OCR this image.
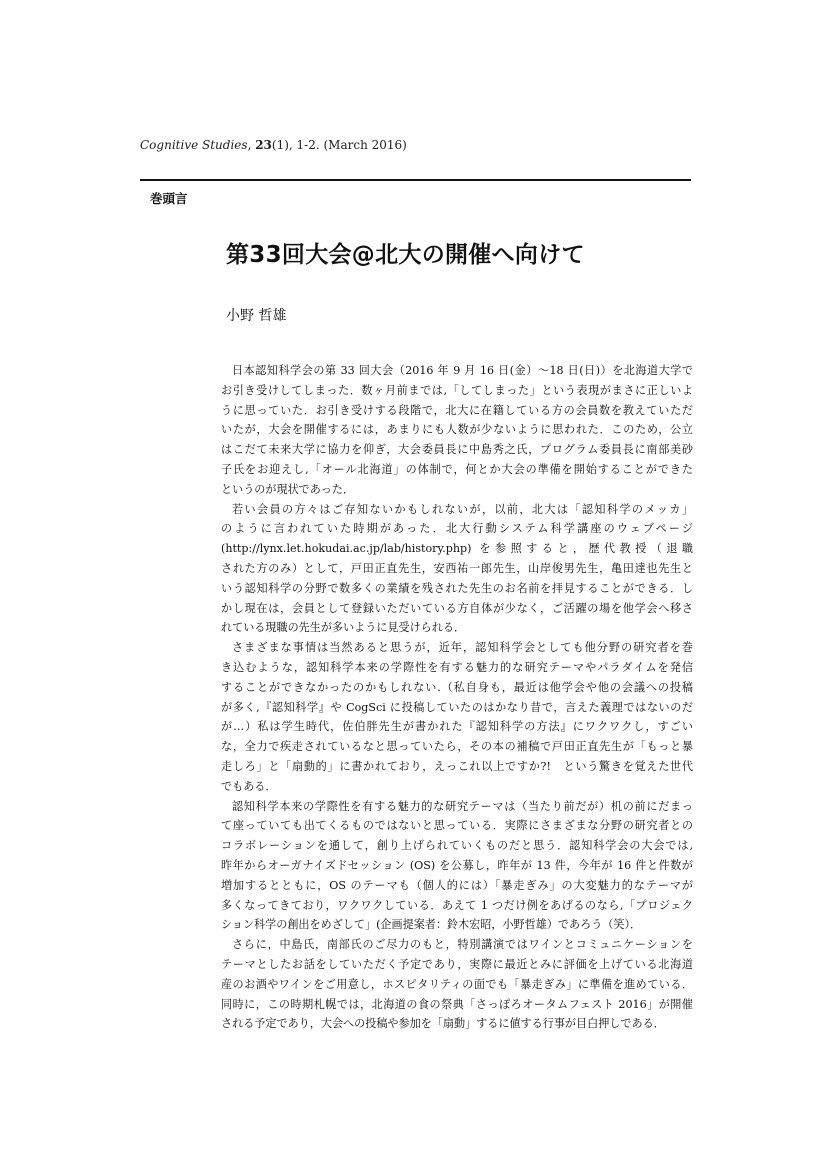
Cognitive Studies, 23(1), 1-2. (March 2016)
巻頭言
第33回大会@北大の開催へ向けて
小野 哲雄
日本認知科学会の第 33 回大会（2016 年 9 月 16 日(金）～18 日(日)）を北海道大学で
お引き受けしてしまった．数ヶ月前までは,「してしまった」という表現がまさに正しいよ
うに思っていた．お引き受けする段階で，北大に在籍している方の会員数を教えていただ
いたが，大会を開催するには，あまりにも人数が少ないように思われた．このため，公立
はこだて未来大学に協力を仰ぎ，大会委員長に中島秀之氏，プログラム委員長に南部美砂
子氏をお迎えし,「オール北海道」の体制で，何とか大会の準備を開始することができた
というのが現状であった．
若い会員の方々はご存知ないかもしれないが，以前，北大は「認知科学のメッカ」
のように言われていた時期があった．北大行動システム科学講座のウェブページ
(http://lynx.let.hokudai.ac.jp/lab/history.php) を参照すると，歴代教授（退職
された方のみ）として，戸田正直先生，安西祐一郎先生，山岸俊男先生，亀田達也先生と
いう認知科学の分野で数多くの業績を残された先生のお名前を拝見することができる．し
かし現在は，会員として登録いただいている方自体が少なく，ご活躍の場を他学会へ移さ
れている現職の先生が多いように見受けられる．
さまざまな事情は当然あると思うが，近年，認知科学会としても他分野の研究者を巻
き込むような，認知科学本来の学際性を有する魅力的な研究テーマやパラダイムを発信
することができなかったのかもしれない.（私自身も，最近は他学会や他の会議への投稿
が多く,『認知科学』や CogSci に投稿していたのはかなり昔で，言えた義理ではないのだ
が…）私は学生時代，佐伯胖先生が書かれた『認知科学の方法』にワクワクし，すごい
な，全力で疾走されているなと思っていたら，その本の補稿で戸田正直先生が「もっと暴
走しろ」と「扇動的」に書かれており，えっこれ以上ですか?!　という驚きを覚えた世代
でもある．
認知科学本来の学際性を有する魅力的な研究テーマは（当たり前だが）机の前にだまっ
て座っていても出てくるものではないと思っている．実際にさまざまな分野の研究者との
コラボレーションを通して，創り上げられていくものだと思う．認知科学会の大会では,
昨年からオーガナイズドセッション (OS) を公募し，昨年が 13 件，今年が 16 件と件数が
増加するとともに，OS のテーマも（個人的には）「暴走ぎみ」の大変魅力的なテーマが
多くなってきており，ワクワクしている．あえて 1 つだけ例をあげるのなら,「プロジェク
ション科学の創出をめざして」(企画提案者：鈴木宏昭，小野哲雄）であろう（笑）．
さらに，中島氏，南部氏のご尽力のもと，特別講演ではワインとコミュニケーションを
テーマとしたお話をしていただく予定であり，実際に最近とみに評価を上げている北海道
産のお酒やワインをご用意し，ホスピタリティの面でも「暴走ぎみ」に準備を進めている．
同時に，この時期札幌では，北海道の食の祭典「さっぽろオータムフェスト 2016」が開催
される予定であり，大会への投稿や参加を「扇動」するに値する行事が目白押しである．
